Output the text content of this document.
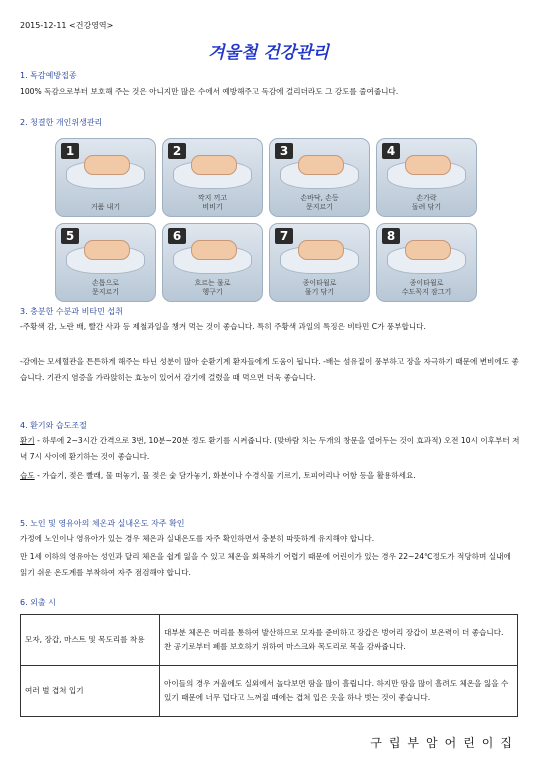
2015-12-11 <건강영역>
겨울철 건강관리
1. 독감예방접종
100% 독감으로부터 보호해 주는 것은 아니지만 많은 수에서 예방해주고 독감에 걸리더라도 그 강도를 줄여줍니다.
2. 청결한 개인위생관리
1
거품 내기
2
깍지 끼고
비비기
3
손바닥, 손등
문지르기
4
손가락
돌려 닦기
5
손톱으로
문지르기
6
흐르는 물로
헹구기
7
종이타월로
물기 닦기
8
종이타월로
수도꼭지 잠그기
3. 충분한 수분과 비타민 섭취
-주황색 감, 노란 배, 빨간 사과 등 제철과일을 챙겨 먹는 것이 좋습니다. 특히 주황색 과일의 특징은 비타민 C가 풍부합니다.
-감에는 모세혈관을 튼튼하게 해주는 타닌 성분이 많아 순환기계 환자들에게 도움이 됩니다. -배는 섬유질이 풍부하고 장을 자극하기 때문에 변비에도 좋습니다. 기관지 염증을 가라앉히는 효능이 있어서 감기에 걸렸을 때 먹으면 더욱 좋습니다.
4. 환기와 습도조절
환기 - 하루에 2~3시간 간격으로 3번, 10분~20분 정도 환기를 시켜줍니다. (맞바람 치는 두개의 창문을 열어두는 것이 효과적) 오전 10시 이후부터 저녁 7시 사이에 환기하는 것이 좋습니다.
습도 - 가습기, 젖은 빨래, 물 떠놓기, 물 젖은 숯 담가놓기, 화분이나 수경식물 기르기, 토피어리나 어항 등을 활용하세요.
5. 노인 및 영유아의 체온과 실내온도 자주 확인
가정에 노인이나 영유아가 있는 경우 체온과 실내온도를 자주 확인하면서 충분히 따뜻하게 유지해야 합니다.
만 1세 이하의 영유아는 성인과 달리 체온을 쉽게 잃을 수 있고 체온을 회복하기 어렵기 때문에 어린이가 있는 경우 22~24℃정도가 적당하며 실내에 읽기 쉬운 온도계를 부착하여 자주 점검해야 합니다.
6. 외출 시
모자, 장갑, 마스트 및 목도리를 착용	대부분 체온은 머리를 통하여 발산하므로 모자를 준비하고 장갑은 벙어리 장갑이 보온력이 더 좋습니다. 찬 공기로부터 폐를 보호하기 위하여 마스크와 목도리로 목을 감싸줍니다.
여러 벌 겹쳐 입기	아이들의 경우 겨울에도 실외에서 놀다보면 땀을 많이 흘립니다. 하지만 땀을 많이 흘려도 체온을 잃을 수 있기 때문에 너무 덥다고 느껴질 때에는 겹쳐 입은 옷을 하나 벗는 것이 좋습니다.
구립부암어린이집
